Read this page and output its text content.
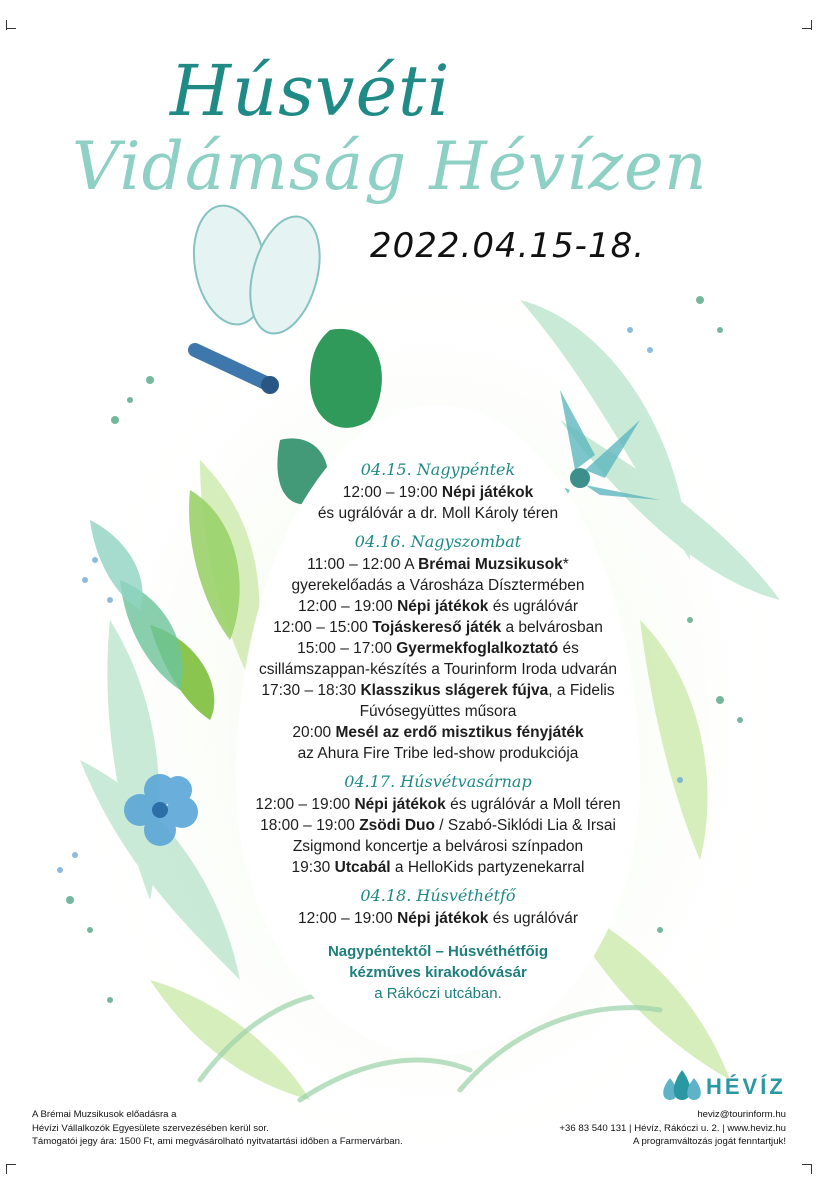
Húsvéti
Vidámság Hévízen
2022.04.15-18.
04.15. Nagypéntek
12:00 – 19:00 Népi játékok
és ugrálóvár a dr. Moll Károly téren
04.16. Nagyszombat
11:00 – 12:00 A Brémai Muzsikusok*
gyerekelőadás a Városháza Dísztermében
12:00 – 19:00 Népi játékok és ugrálóvár
12:00 – 15:00 Tojáskereső játék a belvárosban
15:00 – 17:00 Gyermekfoglalkoztató és
csillámszappan-készítés a Tourinform Iroda udvarán
17:30 – 18:30 Klasszikus slágerek fújva, a Fidelis
Fúvósegyüttes műsora
20:00 Mesél az erdő misztikus fényjáték
az Ahura Fire Tribe led-show produkciója
04.17. Húsvétvasárnap
12:00 – 19:00 Népi játékok és ugrálóvár a Moll téren
18:00 – 19:00 Zsödi Duo / Szabó-Siklódi Lia & Irsai
Zsigmond koncertje a belvárosi színpadon
19:30 Utcabál a HelloKids partyzenekarral
04.18. Húsvéthétfő
12:00 – 19:00 Népi játékok és ugrálóvár
Nagypéntektől – Húsvéthétfőig
kézműves kirakodóvásár
a Rákóczi utcában.
HÉVÍZ
A Brémai Muzsikusok előadásra a
Hévízi Vállalkozók Egyesülete szervezésében kerül sor.
Támogatói jegy ára: 1500 Ft, ami megvásárolható nyitvatartási időben a Farmervárban.
heviz@tourinform.hu
+36 83 540 131 | Hévíz, Rákóczi u. 2. | www.heviz.hu
A programváltozás jogát fenntartjuk!
